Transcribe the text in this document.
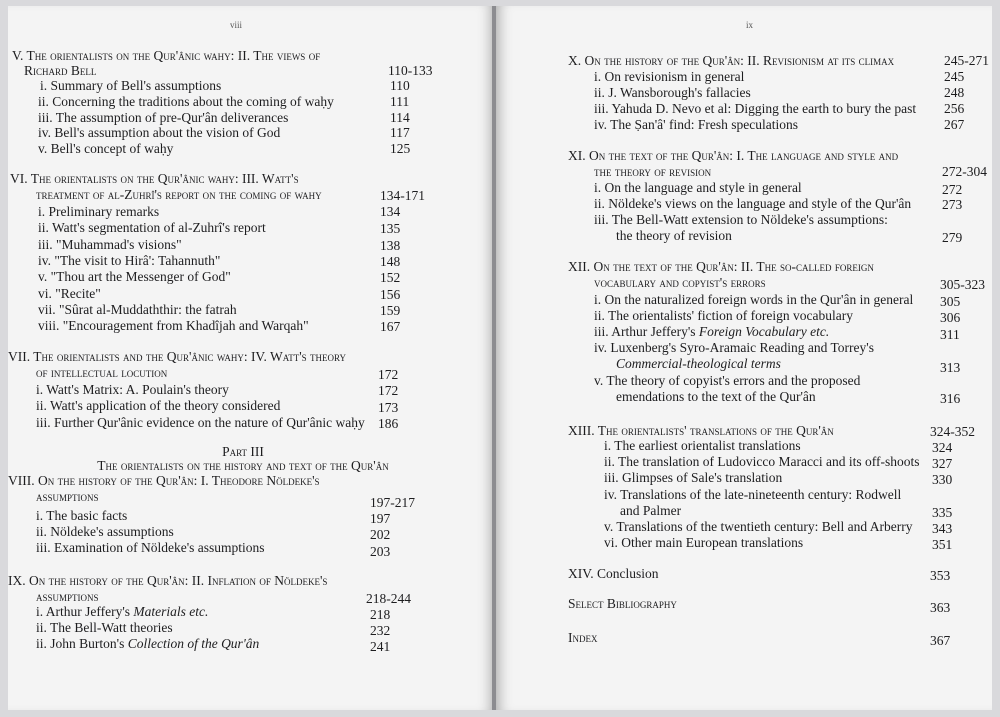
viii
V. The orientalists on the Qur'ânic wahy: II. The views of
Richard Bell	110-133
i. Summary of Bell's assumptions	110
ii. Concerning the traditions about the coming of waḥy	111
iii. The assumption of pre-Qur'ân deliverances	114
iv. Bell's assumption about the vision of God	117
v. Bell's concept of waḥy	125
VI. The orientalists on the Qur'ânic wahy: III. Watt's
treatment of al-Zuhrî's report on the coming of wahy	134-171
i. Preliminary remarks	134
ii. Watt's segmentation of al-Zuhrî's report	135
iii. "Muhammad's visions"	138
iv. "The visit to Hirâ': Tahannuth"	148
v. "Thou art the Messenger of God"	152
vi. "Recite"	156
vii. "Sûrat al-Muddaththir: the fatrah	159
viii. "Encouragement from Khadîjah and Warqah"	167
VII. The orientalists and the Qur'ânic wahy: IV. Watt's theory
of intellectual locution	172
i. Watt's Matrix: A. Poulain's theory	172
ii. Watt's application of the theory considered	173
iii. Further Qur'ânic evidence on the nature of Qur'ânic waḥy 186
Part III
The orientalists on the history and text of the Qur'ân
VIII. On the history of the Qur'ân: I. Theodore Nöldeke's
assumptions	197-217
i. The basic facts	197
ii. Nöldeke's assumptions	202
iii. Examination of Nöldeke's assumptions	203
IX. On the history of the Qur'ân: II. Inflation of Nöldeke's
assumptions	218-244
i. Arthur Jeffery's Materials etc.	218
ii. The Bell-Watt theories	232
ii. John Burton's Collection of the Qur'ân	241
ix
X. On the history of the Qur'ân: II. Revisionism at its climax	245-271
i. On revisionism in general	245
ii. J. Wansborough's fallacies	248
iii. Yahuda D. Nevo et al: Digging the earth to bury the past 256
iv. The Ṣan'â' find: Fresh speculations	267
XI. On the text of the Qur'ân: I. The language and style and
the theory of revision	272-304
i. On the language and style in general	272
ii. Nöldeke's views on the language and style of the Qur'ân 273
iii. The Bell-Watt extension to Nöldeke's assumptions:
the theory of revision	279
XII. On the text of the Qur'ân: II. The so-called foreign
vocabulary and copyist's errors	305-323
i. On the naturalized foreign words in the Qur'ân in general 305
ii. The orientalists' fiction of foreign vocabulary	306
iii. Arthur Jeffery's Foreign Vocabulary etc.	311
iv. Luxenberg's Syro-Aramaic Reading and Torrey's
Commercial-theological terms	313
v. The theory of copyist's errors and the proposed
emendations to the text of the Qur'ân	316
XIII. The orientalists' translations of the Qur'ân	324-352
i. The earliest orientalist translations	324
ii. The translation of Ludovicco Maracci and its off-shoots 327
iii. Glimpses of Sale's translation	330
iv. Translations of the late-nineteenth century: Rodwell
and Palmer	335
v. Translations of the twentieth century: Bell and Arberry 343
vi. Other main European translations	351
XIV. Conclusion	353
Select Bibliography	363
Index	367
